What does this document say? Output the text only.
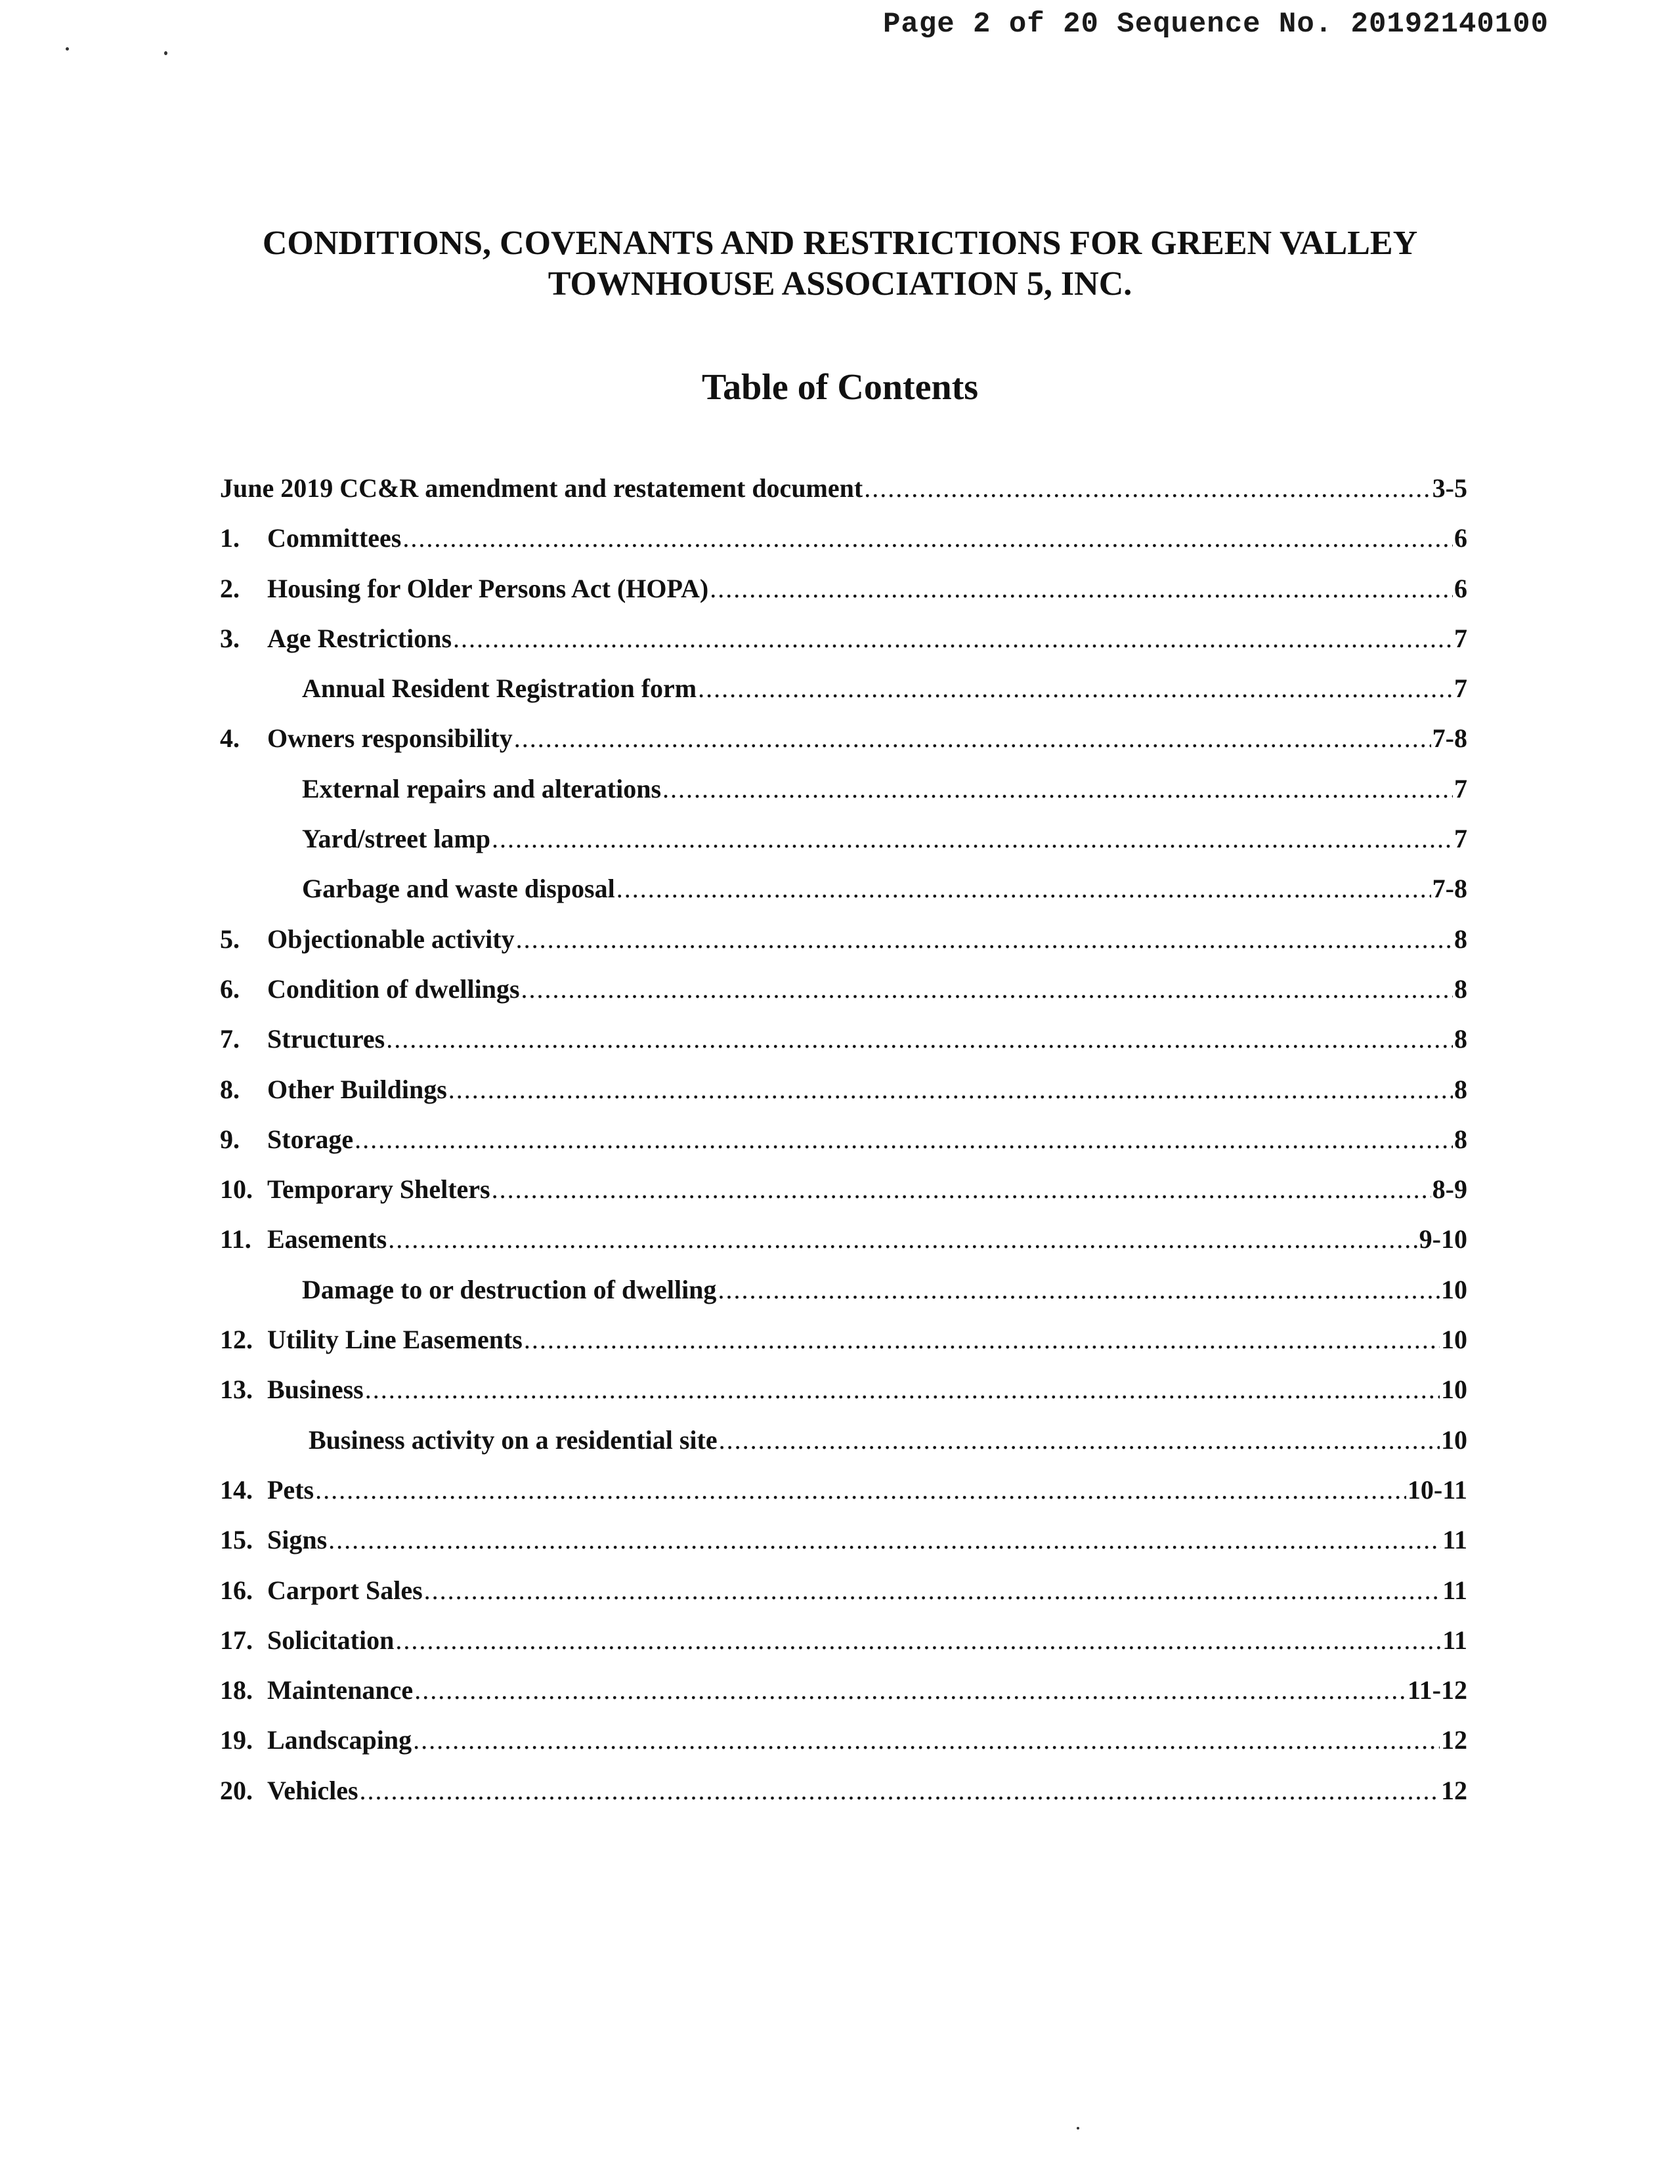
Page 2 of 20 Sequence No. 20192140100
CONDITIONS, COVENANTS AND RESTRICTIONS FOR GREEN VALLEY
TOWNHOUSE ASSOCIATION 5, INC.
Table of Contents
June 2019 CC&R amendment and restatement document .....	3-5
1.	Committees .....	6
2.	Housing for Older Persons Act (HOPA) .....	6
3.	Age Restrictions .....	7
Annual Resident Registration form .....	7
4.	Owners responsibility .....	7-8
External repairs and alterations .....	7
Yard/street lamp .....	7
Garbage and waste disposal .....	7-8
5.	Objectionable activity .....	8
6.	Condition of dwellings .....	8
7.	Structures .....	8
8.	Other Buildings .....	8
9.	Storage .....	8
10. Temporary Shelters .....	8-9
11. Easements .....	9-10
Damage to or destruction of dwelling .....	10
12. Utility Line Easements .....	10
13. Business .....	10
Business activity on a residential site .....	10
14. Pets .....	10-11
15. Signs .....	11
16. Carport Sales .....	11
17. Solicitation .....	11
18. Maintenance .....	11-12
19. Landscaping .....	12
20. Vehicles .....	12
